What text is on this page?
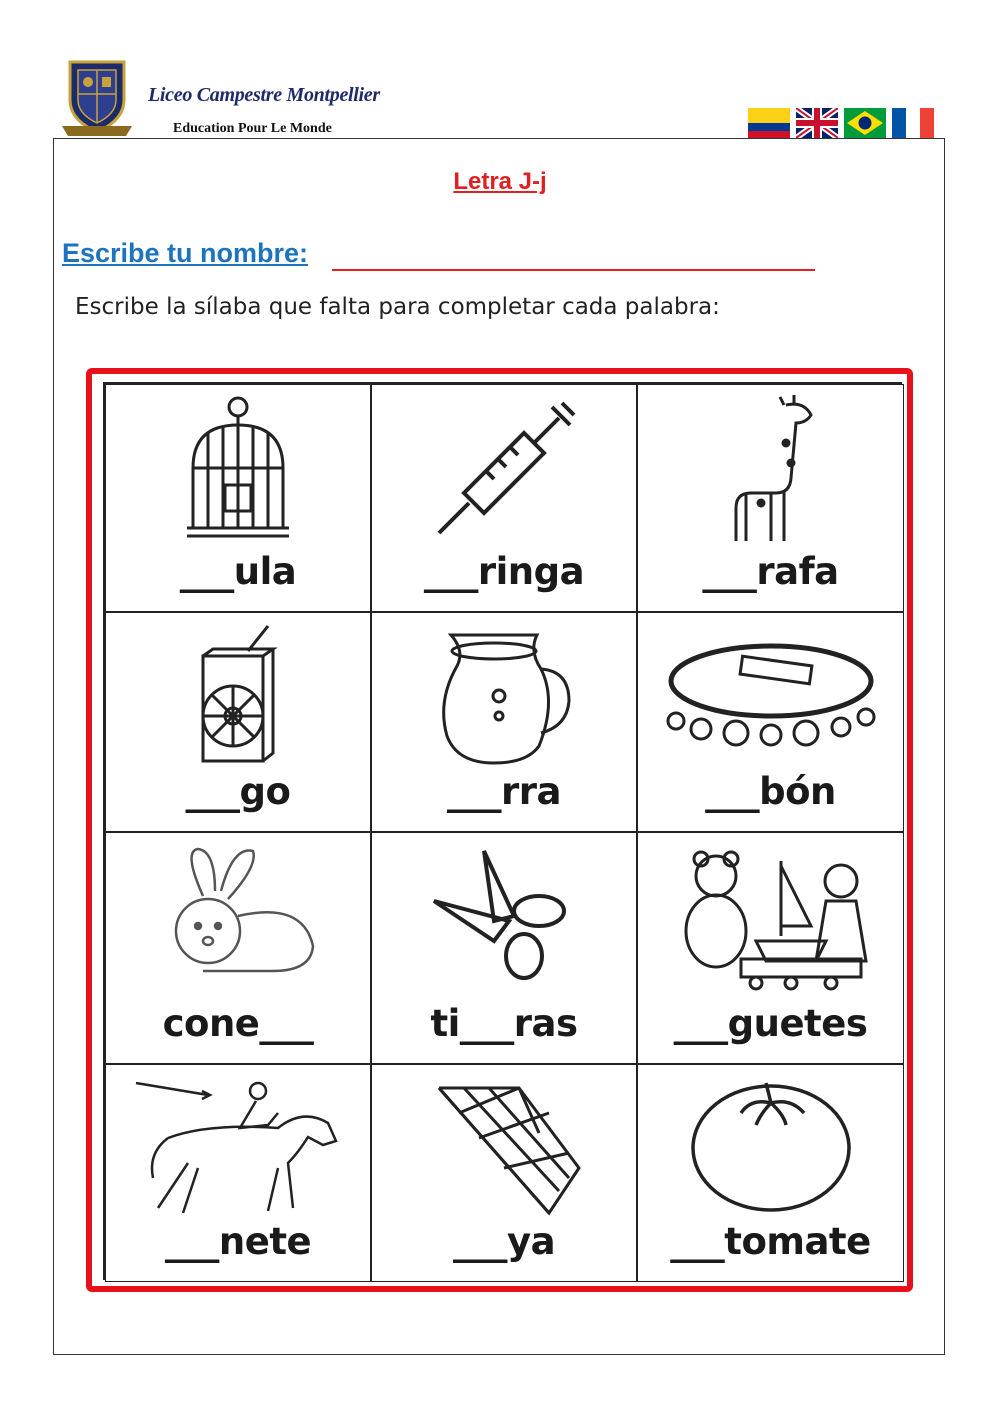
Liceo Campestre Montpellier
Education Pour Le Monde
Letra J-j
Escribe tu nombre:
Escribe la sílaba que falta para completar cada palabra:
___ula	___ringa	___rafa
___go	___rra	___bón
cone___	ti___ras	___guetes
___nete	___ya	___tomate
